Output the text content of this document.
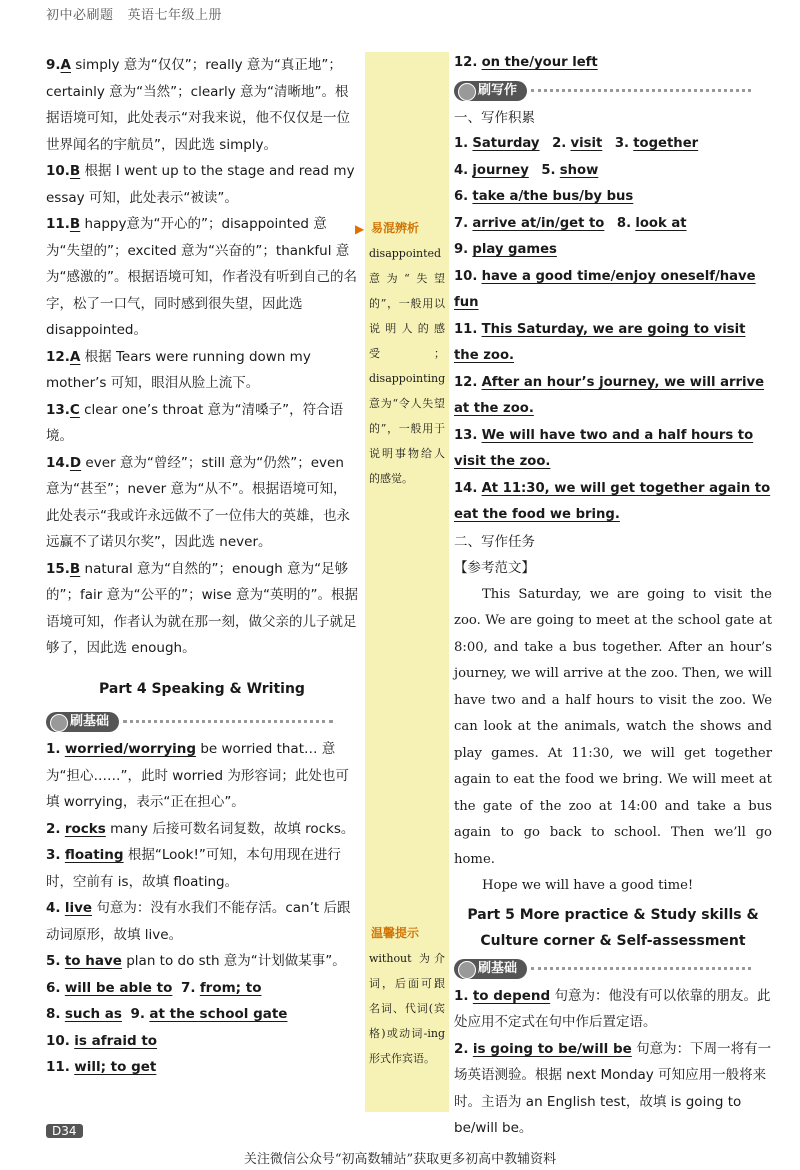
初中必刷题 英语七年级上册

9.A simply 意为“仅仅”；really 意为“真正地”；certainly 意为“当然”；clearly 意为“清晰地”。根据语境可知，此处表示“对我来说，他不仅仅是一位世界闻名的宇航员”，因此选 simply。

10.B 根据 I went up to the stage and read my essay 可知，此处表示“被读”。

11.B happy意为“开心的”；disappointed 意为“失望的”；excited 意为“兴奋的”；thankful 意为“感激的”。根据语境可知，作者没有听到自己的名字，松了一口气，同时感到很失望，因此选 disappointed。

12.A 根据 Tears were running down my mother’s 可知，眼泪从脸上流下。

13.C clear one’s throat 意为“清嗓子”，符合语境。

14.D ever 意为“曾经”；still 意为“仍然”；even 意为“甚至”；never 意为“从不”。根据语境可知，此处表示“我或许永远做不了一位伟大的英雄，也永远赢不了诺贝尔奖”，因此选 never。

15.B natural 意为“自然的”；enough 意为“足够的”；fair 意为“公平的”；wise 意为“英明的”。根据语境可知，作者认为就在那一刻，做父亲的儿子就足够了，因此选 enough。

Part 4 Speaking & Writing
刷基础

1. worried/worrying be worried that… 意为“担心……”，此时 worried 为形容词；此处也可填 worrying，表示“正在担心”。

2. rocks many 后接可数名词复数，故填 rocks。

3. floating 根据“Look!”可知，本句用现在进行时，空前有 is，故填 floating。

4. live 句意为：没有水我们不能存活。can’t 后跟动词原形，故填 live。

5. to have plan to do sth 意为“计划做某事”。

6. will be able to 7. from; to

8. such as 9. at the school gate

10. is afraid to

11. will; to get

易混辨析
disappointed 意为“失望的”，一般用以说明人的感受；disappointing 意为“令人失望的”，一般用于说明事物给人的感觉。
温馨提示
without 为介词，后面可跟名词、代词(宾格)或动词-ing 形式作宾语。
▶

12. on the/your left

刷写作
一、写作积累

1. Saturday 2. visit 3. together

4. journey 5. show

6. take a/the bus/by bus

7. arrive at/in/get to 8. look at

9. play games

10. have a good time/enjoy oneself/have fun

11. This Saturday, we are going to visit the zoo.

12. After an hour’s journey, we will arrive at the zoo.

13. We will have two and a half hours to visit the zoo.

14. At 11:30, we will get together again to eat the food we bring.

二、写作任务
【参考范文】

This Saturday, we are going to visit the zoo. We are going to meet at the school gate at 8:00, and take a bus together. After an hour’s journey, we will arrive at the zoo. Then, we will have two and a half hours to visit the zoo. We can look at the animals, watch the shows and play games. At 11:30, we will get together again to eat the food we bring. We will meet at the gate of the zoo at 14:00 and take a bus again to go back to school. Then we’ll go home.

Hope we will have a good time!

Part 5 More practice & Study skills &
Culture corner & Self-assessment
刷基础

1. to depend 句意为：他没有可以依靠的朋友。此处应用不定式在句中作后置定语。

2. is going to be/will be 句意为：下周一将有一场英语测验。根据 next Monday 可知应用一般将来时。主语为 an English test，故填 is going to be/will be。

D34
关注微信公众号“初高数辅站”获取更多初高中教辅资料
